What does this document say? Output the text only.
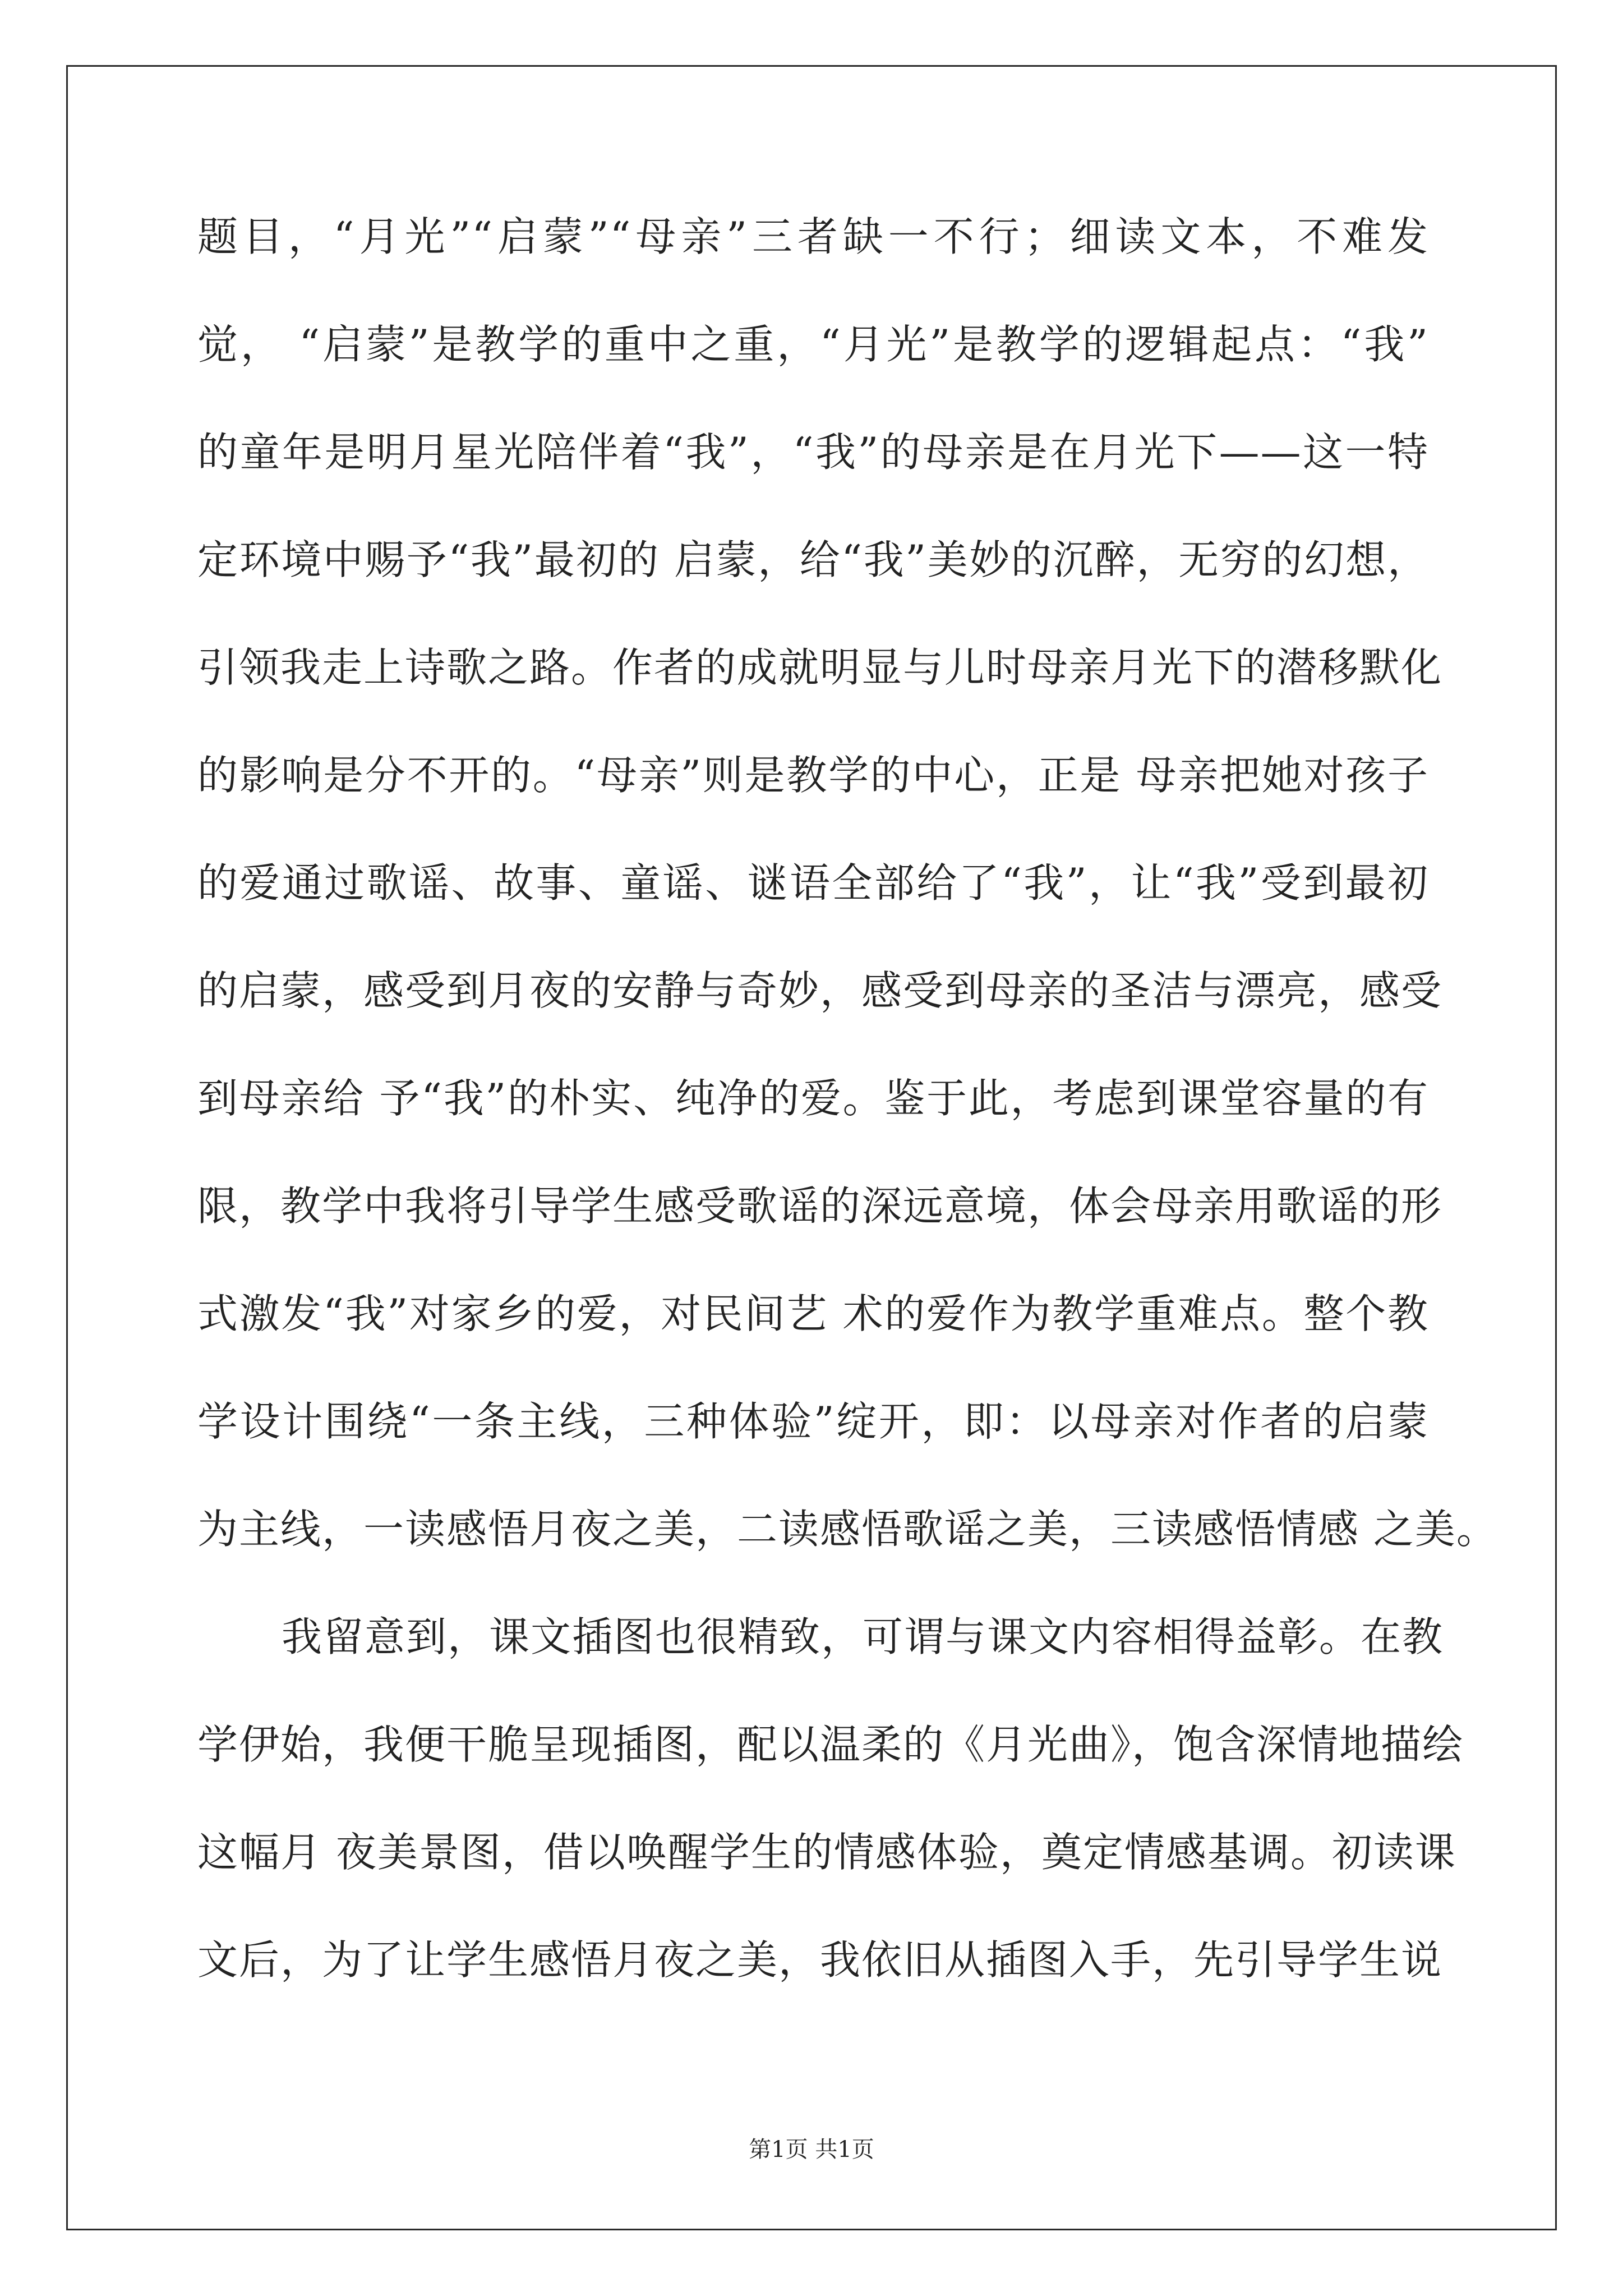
题目，“月光”“启蒙”“母亲”三者缺一不行；细读文本，不难发
觉， “启蒙”是教学的重中之重，“月光”是教学的逻辑起点：“我”
的童年是明月星光陪伴着“我”，“我”的母亲是在月光下——这一特
定环境中赐予“我”最初的 启蒙，给“我”美妙的沉醉，无穷的幻想，
引领我走上诗歌之路。作者的成就明显与儿时母亲月光下的潜移默化
的影响是分不开的。“母亲”则是教学的中心，正是 母亲把她对孩子
的爱通过歌谣、故事、童谣、谜语全部给了“我”，让“我”受到最初
的启蒙，感受到月夜的安静与奇妙，感受到母亲的圣洁与漂亮，感受
到母亲给 予“我”的朴实、纯净的爱。鉴于此，考虑到课堂容量的有
限，教学中我将引导学生感受歌谣的深远意境，体会母亲用歌谣的形
式激发“我”对家乡的爱，对民间艺 术的爱作为教学重难点。整个教
学设计围绕“一条主线，三种体验”绽开，即：以母亲对作者的启蒙
为主线，一读感悟月夜之美，二读感悟歌谣之美，三读感悟情感 之美。
我留意到，课文插图也很精致，可谓与课文内容相得益彰。在教
学伊始，我便干脆呈现插图，配以温柔的《月光曲》，饱含深情地描绘
这幅月 夜美景图，借以唤醒学生的情感体验，奠定情感基调。初读课
文后，为了让学生感悟月夜之美，我依旧从插图入手，先引导学生说
第1页 共1页
